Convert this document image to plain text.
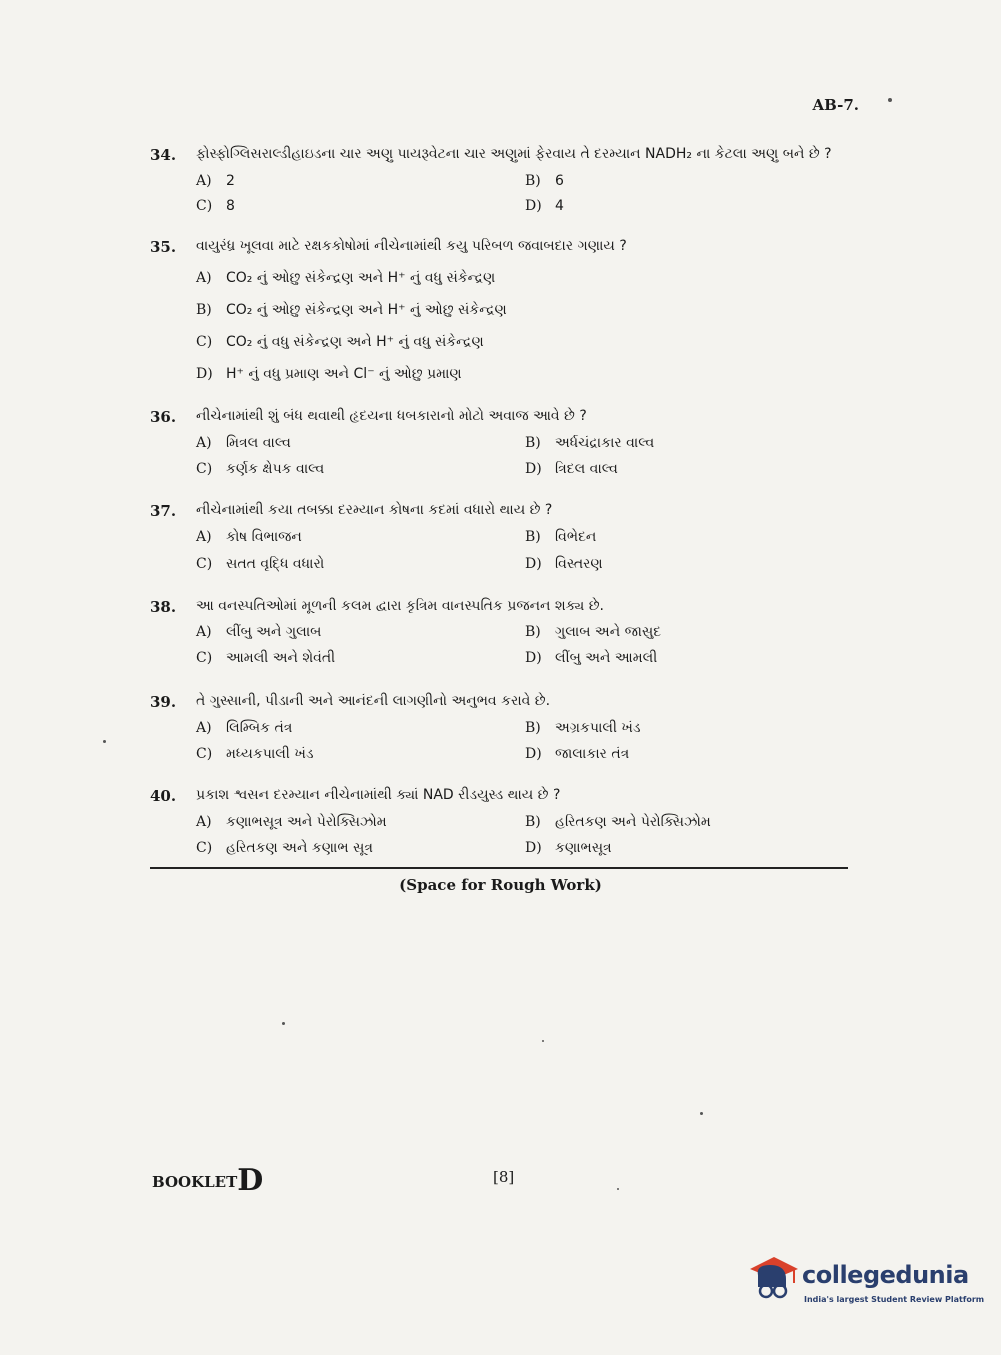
AB-7.
34.	ફોસ્ફોગ્લિસરાલ્ડીહાઇડના ચાર અણુ પાયરૂવેટના ચાર અણુમાં ફેરવાય તે દરમ્યાન NADH₂ ના કેટલા અણુ બને છે ?
A) 2	B) 6
C) 8	D) 4
35.	વાયુરંધ્ર ખૂલવા માટે રક્ષકકોષોમાં નીચેનામાંથી કયુ પરિબળ જવાબદાર ગણાય ?
A) CO₂ નું ઓછુ સંકેન્દ્રણ અને H⁺ નું વધુ સંકેન્દ્રણ
B) CO₂ નું ઓછુ સંકેન્દ્રણ અને H⁺ નું ઓછુ સંકેન્દ્રણ
C) CO₂ નું વધુ સંકેન્દ્રણ અને H⁺ નું વધુ સંકેન્દ્રણ
D) H⁺ નું વધુ પ્રમાણ અને Cl⁻ નું ઓછુ પ્રમાણ
36.	નીચેનામાંથી શું બંધ થવાથી હૃદયના ધબકારાનો મોટો અવાજ આવે છે ?
A) મિત્રલ વાલ્વ	B) અર્ધચંદ્રાકાર વાલ્વ
C) કર્ણક ક્ષેપક વાલ્વ	D) ત્રિદલ વાલ્વ
37.	નીચેનામાંથી કયા તબક્કા દરમ્યાન કોષના કદમાં વધારો થાય છે ?
A) કોષ વિભાજન	B) વિભેદન
C) સતત વૃદ્ધિ વધારો	D) વિસ્તરણ
38.	આ વનસ્પતિઓમાં મૂળની કલમ દ્વારા કૃત્રિમ વાનસ્પતિક પ્રજનન શક્ય છે.
A) લીંબુ અને ગુલાબ	B) ગુલાબ અને જાસુદ
C) આમલી અને શેવંતી	D) લીંબુ અને આમલી
39.	તે ગુસ્સાની, પીડાની અને આનંદની લાગણીનો અનુભવ કરાવે છે.
A) લિમ્બિક તંત્ર	B) અગ્રકપાલી ખંડ
C) મધ્યકપાલી ખંડ	D) જાલાકાર તંત્ર
40.	પ્રકાશ શ્વસન દરમ્યાન નીચેનામાંથી ક્યાં NAD રીડયુસ્ડ થાય છે ?
A) કણાભસૂત્ર અને પેરોક્સિઝોમ	B) હરિતકણ અને પેરોક્સિઝોમ
C) હરિતકણ અને કણાભ સૂત્ર	D) કણાભસૂત્ર
(Space for Rough Work)
BOOKLETD	[8]
collegedunia
India's largest Student Review Platform
